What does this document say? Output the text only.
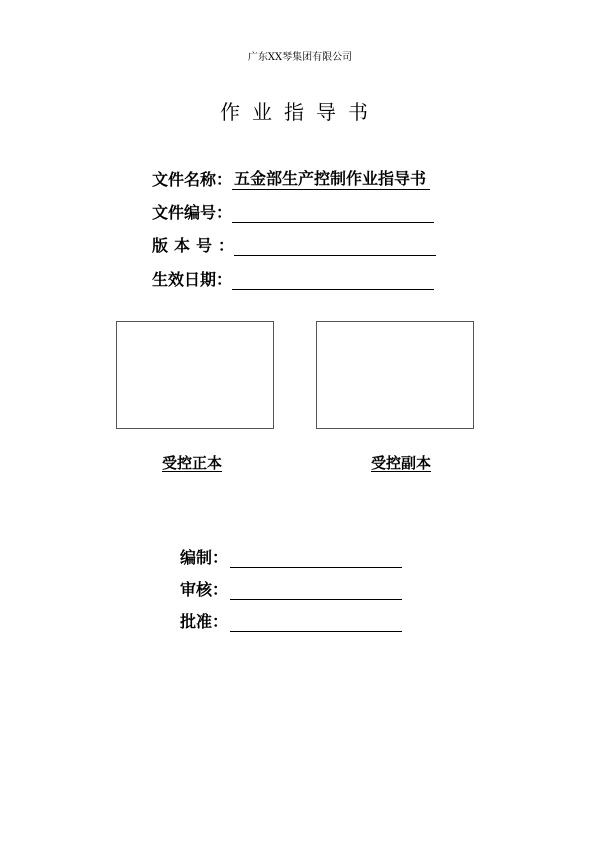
广东XX琴集团有限公司
作业指导书
文件名称 ： 五金部生产控制作业指导书
文件编号 ：
版本号 ：
生效日期 ：
受控正本	受控副本
编制 ：
审核 ：
批准 ：
